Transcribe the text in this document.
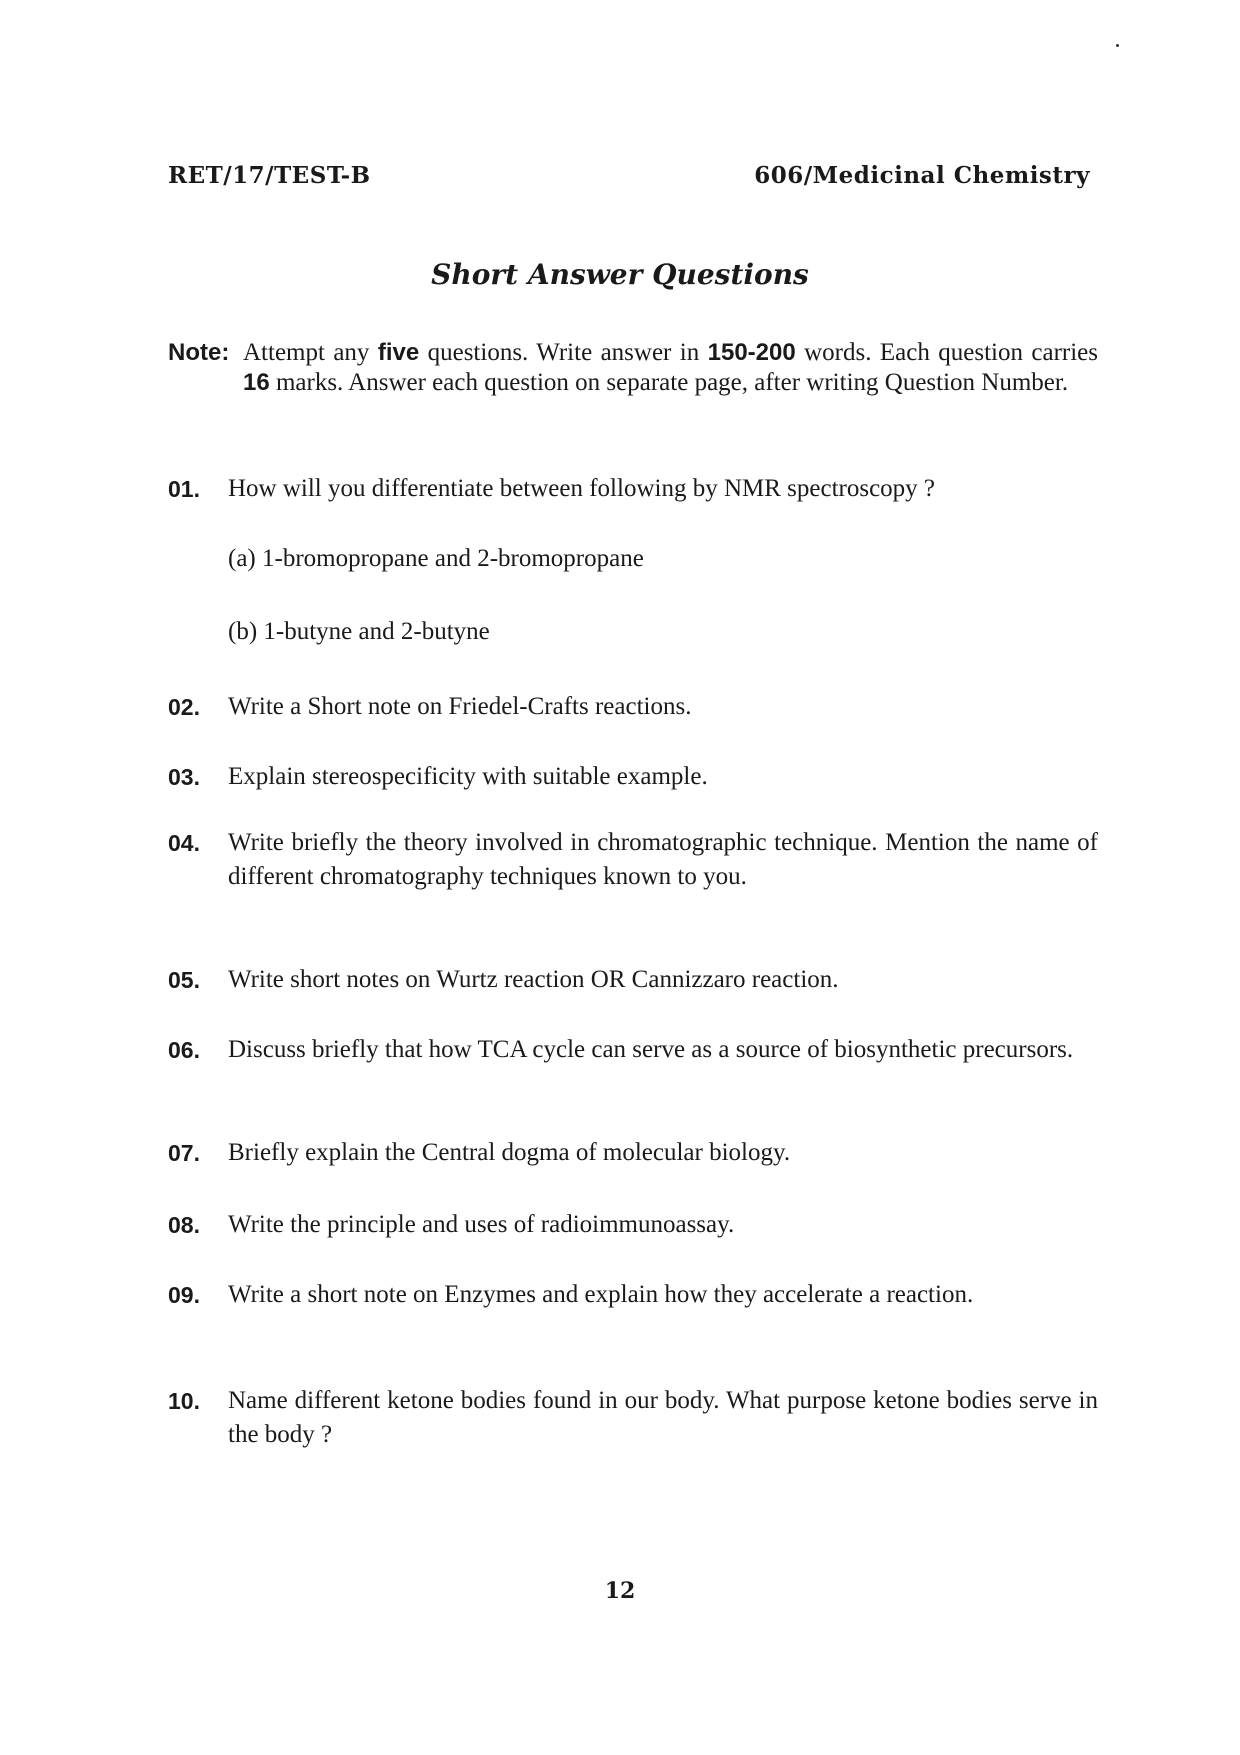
RET/17/TEST-B	606/Medicinal Chemistry
Short Answer Questions
Note: Attempt any five questions. Write answer in 150-200 words. Each question carries 16 marks. Answer each question on separate page, after writing Question Number.
01. How will you differentiate between following by NMR spectroscopy ?
(a) 1-bromopropane and 2-bromopropane
(b) 1-butyne and 2-butyne
02. Write a Short note on Friedel-Crafts reactions.
03. Explain stereospecificity with suitable example.
04. Write briefly the theory involved in chromatographic technique. Mention the name of different chromatography techniques known to you.
05. Write short notes on Wurtz reaction OR Cannizzaro reaction.
06. Discuss briefly that how TCA cycle can serve as a source of biosynthetic precursors.
07. Briefly explain the Central dogma of molecular biology.
08. Write the principle and uses of radioimmunoassay.
09. Write a short note on Enzymes and explain how they accelerate a reaction.
10. Name different ketone bodies found in our body. What purpose ketone bodies serve in the body ?
12
